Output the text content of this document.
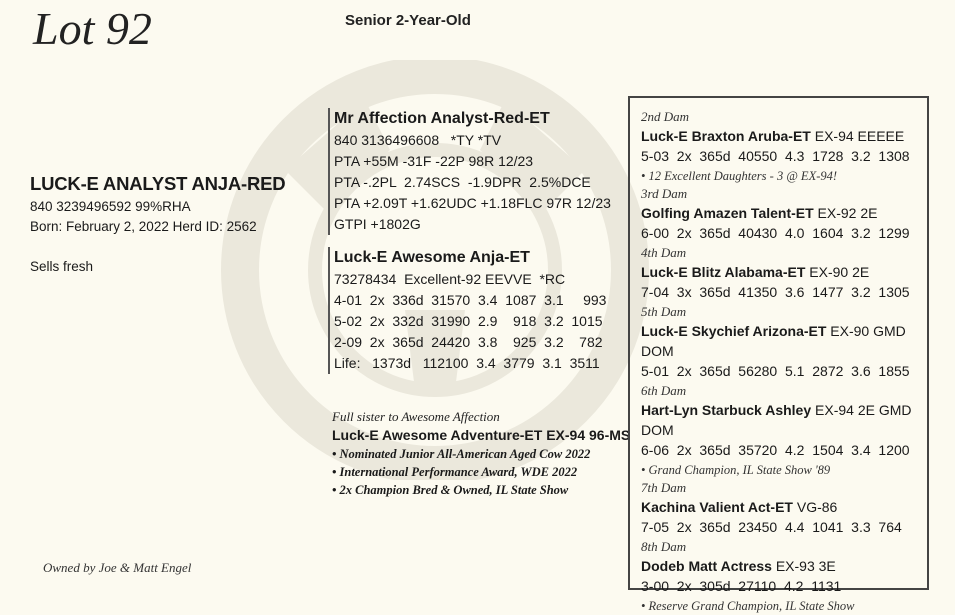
Lot 92	Senior 2-Year-Old
LUCK-E ANALYST ANJA-RED
840 3239496592 99%RHA
Born: February 2, 2022 Herd ID: 2562
Sells fresh
Owned by Joe & Matt Engel
Mr Affection Analyst-Red-ET
840 3136496608   *TY *TV
PTA +55M -31F -22P 98R 12/23
PTA -.2PL  2.74SCS  -1.9DPR  2.5%DCE
PTA +2.09T +1.62UDC +1.18FLC 97R 12/23
GTPI +1802G
Luck-E Awesome Anja-ET
73278434  Excellent-92 EEVVE  *RC
4-01  2x  336d  31570  3.4  1087  3.1     993
5-02  2x  332d  31990  2.9    918  3.2  1015
2-09  2x  365d  24420  3.8    925  3.2    782
Life:   1373d   112100  3.4  3779  3.1  3511
Full sister to Awesome Affection
Luck-E Awesome Adventure-ET EX-94 96-MS
• Nominated Junior All-American Aged Cow 2022
• International Performance Award, WDE 2022
• 2x Champion Bred & Owned, IL State Show
2nd Dam
Luck-E Braxton Aruba-ET EX-94 EEEEE
5-03  2x  365d  40550  4.3  1728  3.2  1308
• 12 Excellent Daughters - 3 @ EX-94!
3rd Dam
Golfing Amazen Talent-ET EX-92 2E
6-00  2x  365d  40430  4.0  1604  3.2  1299
4th Dam
Luck-E Blitz Alabama-ET EX-90 2E
7-04  3x  365d  41350  3.6  1477  3.2  1305
5th Dam
Luck-E Skychief Arizona-ET EX-90 GMD DOM
5-01  2x  365d  56280  5.1  2872  3.6  1855
6th Dam
Hart-Lyn Starbuck Ashley EX-94 2E GMD DOM
6-06  2x  365d  35720  4.2  1504  3.4  1200
• Grand Champion, IL State Show '89
7th Dam
Kachina Valient Act-ET VG-86
7-05  2x  365d  23450  4.4  1041  3.3  764
8th Dam
Dodeb Matt Actress EX-93 3E
3-00  2x  305d  27110  4.2  1131
• Reserve Grand Champion, IL State Show
